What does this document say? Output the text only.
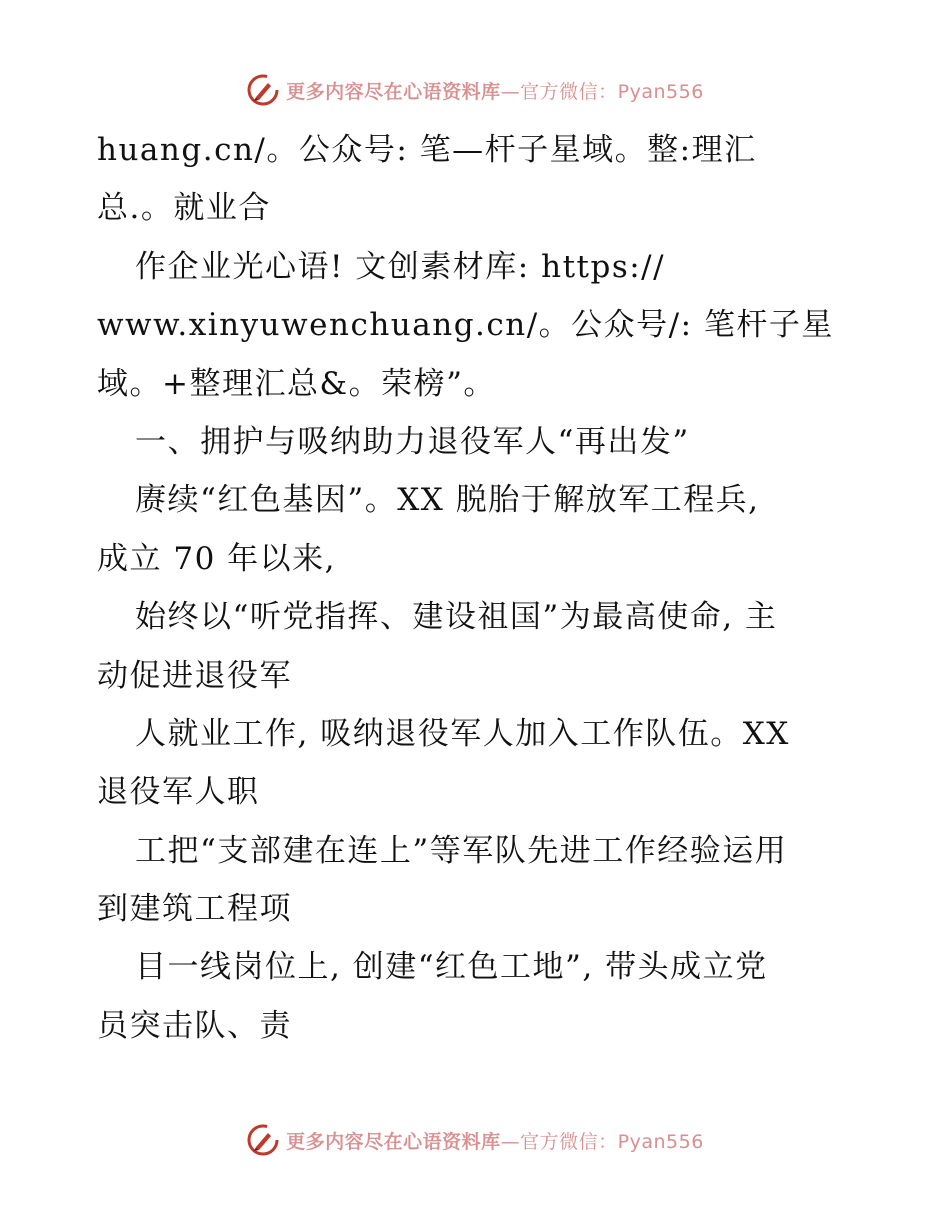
更多内容尽在心语资料库—官方微信：Pyan556
huang.cn/。公众号: 笔—杆子星域。整:理汇
总.。就业合
作企业光心语! 文创素材库: https://
www.xinyuwenchuang.cn/。公众号/: 笔杆子星
域。+整理汇总&。荣榜”。
一、拥护与吸纳助力退役军人“再出发”
赓续“红色基因”。XX 脱胎于解放军工程兵,
成立 70 年以来,
始终以“听党指挥、建设祖国”为最高使命, 主
动促进退役军
人就业工作, 吸纳退役军人加入工作队伍。XX
退役军人职
工把“支部建在连上”等军队先进工作经验运用
到建筑工程项
目一线岗位上, 创建“红色工地”, 带头成立党
员突击队、责
更多内容尽在心语资料库—官方微信：Pyan556
